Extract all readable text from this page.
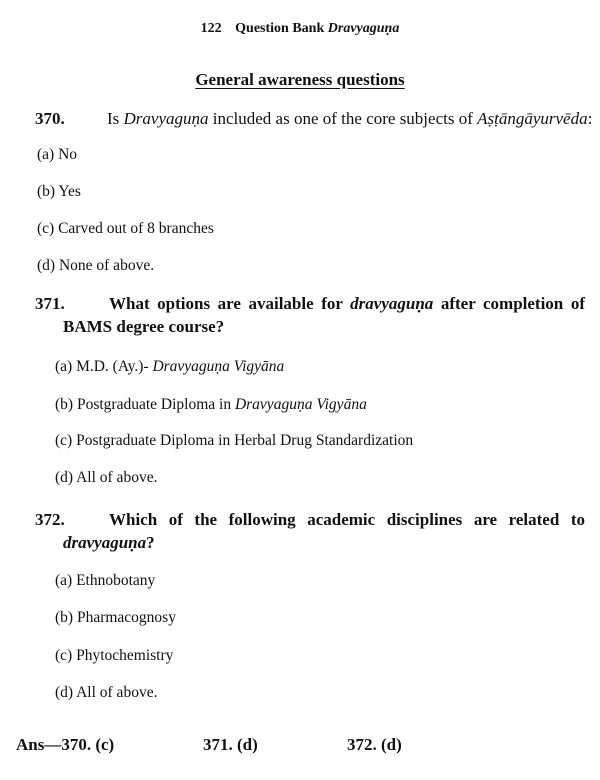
122 Question Bank Dravyaguṇa
General awareness questions
370. Is Dravyaguṇa included as one of the core subjects of Aṣṭāngāyurvēda:
(a) No
(b) Yes
(c) Carved out of 8 branches
(d) None of above.
371.	What options are available for dravyaguṇa after completion of BAMS degree course?
(a) M.D. (Ay.)- Dravyaguṇa Vigyāna
(b) Postgraduate Diploma in Dravyaguṇa Vigyāna
(c) Postgraduate Diploma in Herbal Drug Standardization
(d) All of above.
372.	Which of the following academic disciplines are related to dravyaguṇa?
(a) Ethnobotany
(b) Pharmacognosy
(c) Phytochemistry
(d) All of above.
Ans—370. (c)	371. (d)	372. (d)
